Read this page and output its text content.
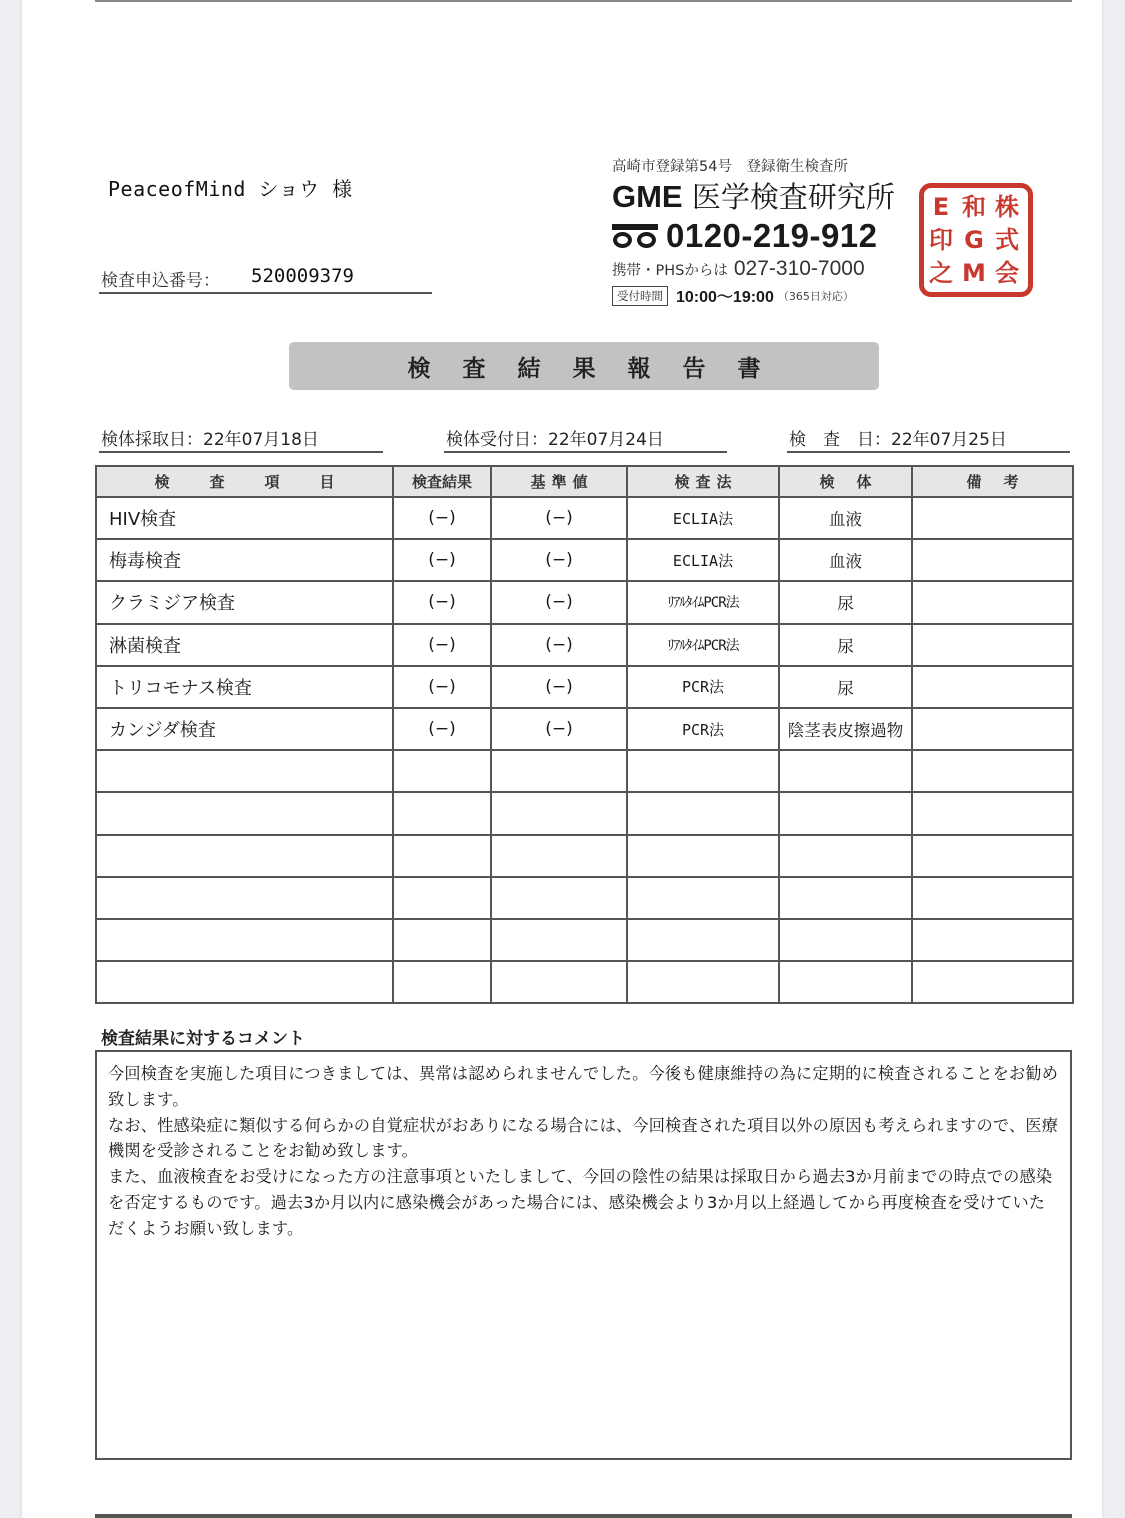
PeaceofMind ショウ 様
検査申込番号： 520009379
高崎市登録第54号　登録衛生検査所
GME 医学検査研究所
0120-219-912
携帯・PHSからは 027-310-7000
受付時間 10:00〜19:00 （365日対応）
株
式
会
和
G
M
E
印
之
検査結果報告書
検体採取日：22年07月18日	検体受付日：22年07月24日	検　査　日：22年07月25日
検査項目	検査結果	基準値	検査法	検体	備考
HIV検査	(−)	(−)	ECLIA法	血液	
梅毒検査	(−)	(−)	ECLIA法	血液	
クラミジア検査	(−)	(−)	ﾘｱﾙﾀｲﾑPCR法	尿	
淋菌検査	(−)	(−)	ﾘｱﾙﾀｲﾑPCR法	尿	
トリコモナス検査	(−)	(−)	PCR法	尿	
カンジダ検査	(−)	(−)	PCR法	陰茎表皮擦過物	

検査結果に対するコメント

今回検査を実施した項目につきましては、異常は認められませんでした。今後も健康維持の為に定期的に検査されることをお勧め致します。
なお、性感染症に類似する何らかの自覚症状がおありになる場合には、今回検査された項目以外の原因も考えられますので、医療機関を受診されることをお勧め致します。
また、血液検査をお受けになった方の注意事項といたしまして、今回の陰性の結果は採取日から過去3か月前までの時点での感染を否定するものです。過去3か月以内に感染機会があった場合には、感染機会より3か月以上経過してから再度検査を受けていただくようお願い致します。
